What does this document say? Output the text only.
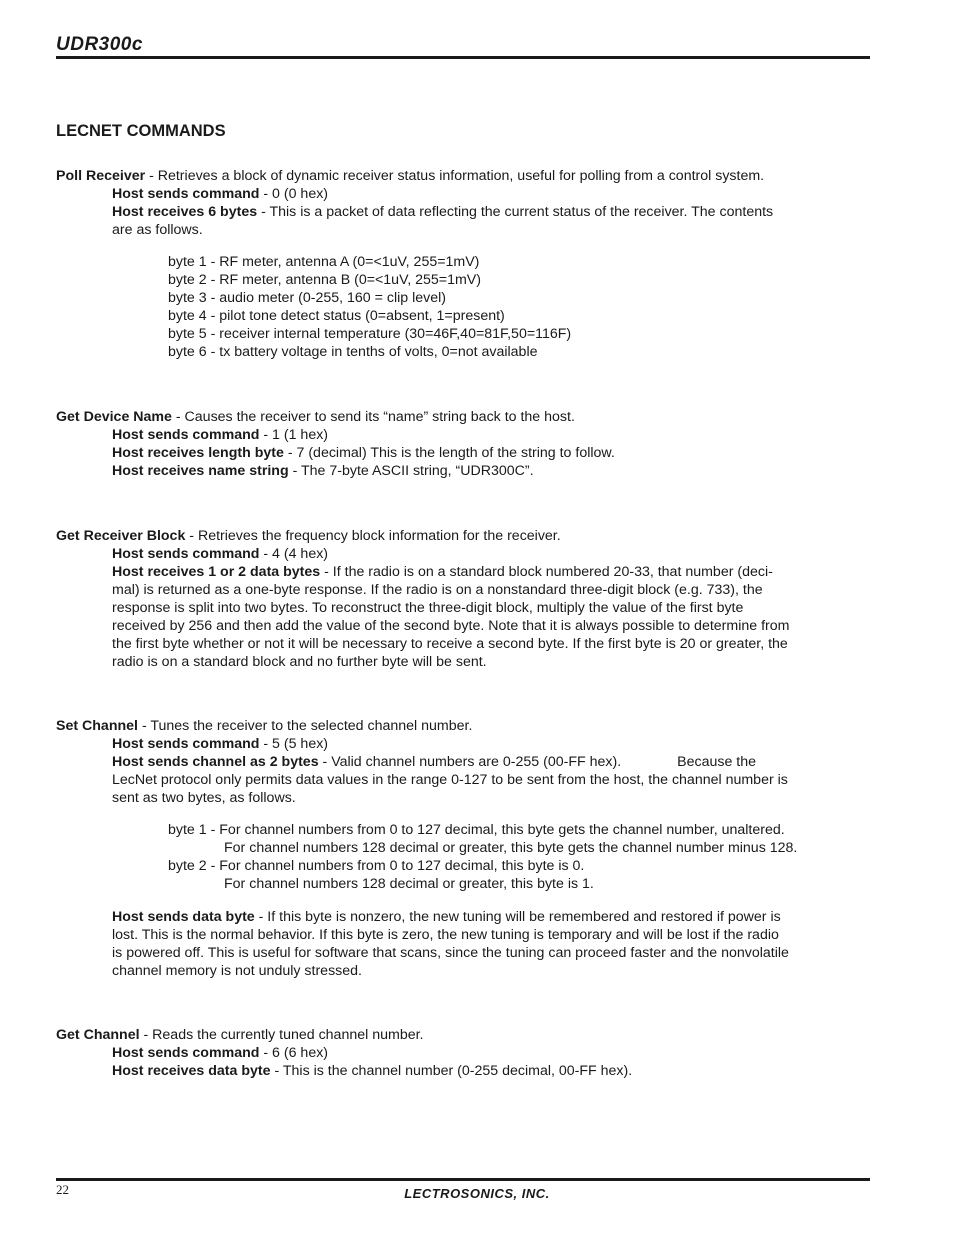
UDR300c
LECNET COMMANDS

Poll Receiver - Retrieves a block of dynamic receiver status information, useful for polling from a control system.

Host sends command - 0 (0 hex)

Host receives 6 bytes - This is a packet of data reflecting the current status of the receiver. The contents

are as follows.

byte 1 - RF meter, antenna A (0=<1uV, 255=1mV)

byte 2 - RF meter, antenna B (0=<1uV, 255=1mV)

byte 3 - audio meter (0-255, 160 = clip level)

byte 4 - pilot tone detect status (0=absent, 1=present)

byte 5 - receiver internal temperature (30=46F,40=81F,50=116F)

byte 6 - tx battery voltage in tenths of volts, 0=not available

Get Device Name - Causes the receiver to send its “name” string back to the host.

Host sends command - 1 (1 hex)

Host receives length byte - 7 (decimal) This is the length of the string to follow.

Host receives name string - The 7-byte ASCII string, “UDR300C”.

Get Receiver Block - Retrieves the frequency block information for the receiver.

Host sends command - 4 (4 hex)

Host receives 1 or 2 data bytes - If the radio is on a standard block numbered 20-33, that number (deci-

mal) is returned as a one-byte response. If the radio is on a nonstandard three-digit block (e.g. 733), the

response is split into two bytes. To reconstruct the three-digit block, multiply the value of the first byte

received by 256 and then add the value of the second byte. Note that it is always possible to determine from

the first byte whether or not it will be necessary to receive a second byte. If the first byte is 20 or greater, the

radio is on a standard block and no further byte will be sent.

Set Channel - Tunes the receiver to the selected channel number.

Host sends command - 5 (5 hex)

Host sends channel as 2 bytes - Valid channel numbers are 0-255 (00-FF hex).	Because the

LecNet protocol only permits data values in the range 0-127 to be sent from the host, the channel number is

sent as two bytes, as follows.

byte 1 - For channel numbers from 0 to 127 decimal, this byte gets the channel number, unaltered.

For channel numbers 128 decimal or greater, this byte gets the channel number minus 128.

byte 2 - For channel numbers from 0 to 127 decimal, this byte is 0.

For channel numbers 128 decimal or greater, this byte is 1.

Host sends data byte - If this byte is nonzero, the new tuning will be remembered and restored if power is

lost. This is the normal behavior. If this byte is zero, the new tuning is temporary and will be lost if the radio

is powered off. This is useful for software that scans, since the tuning can proceed faster and the nonvolatile

channel memory is not unduly stressed.

Get Channel - Reads the currently tuned channel number.

Host sends command - 6 (6 hex)

Host receives data byte - This is the channel number (0-255 decimal, 00-FF hex).

22	LECTROSONICS, INC.
